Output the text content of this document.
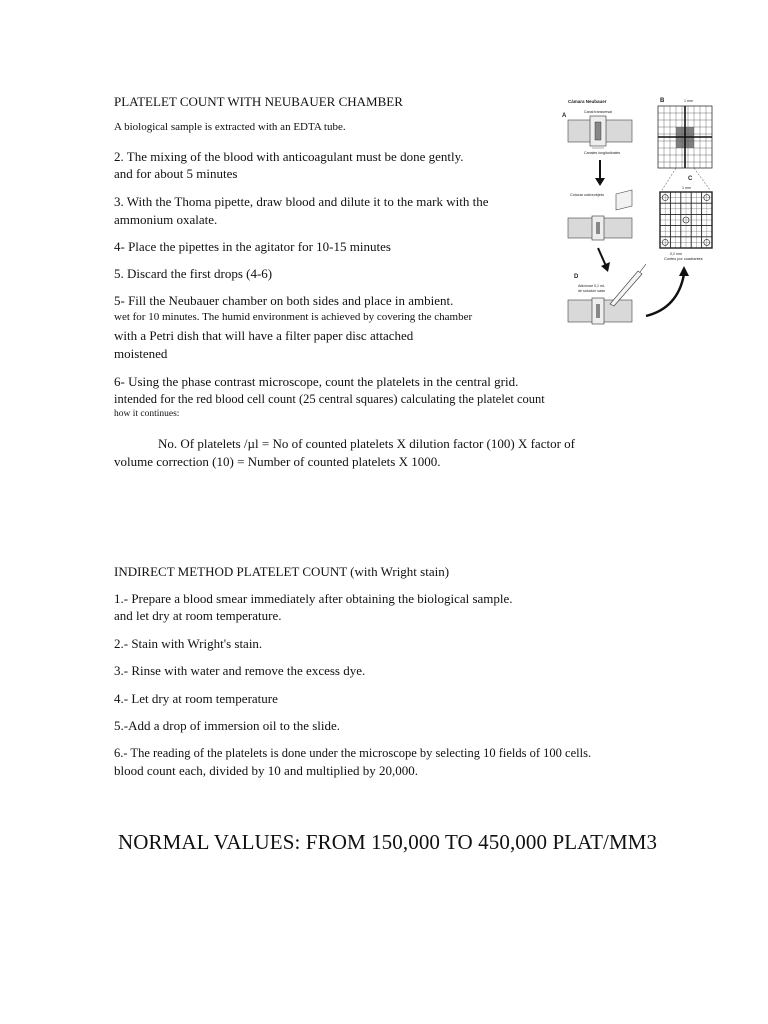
PLATELET COUNT WITH NEUBAUER CHAMBER
A biological sample is extracted with an EDTA tube.
2. The mixing of the blood with anticoagulant must be done gently.
and for about 5 minutes
3. With the Thoma pipette, draw blood and dilute it to the mark with the
ammonium oxalate.
4- Place the pipettes in the agitator for 10-15 minutes
5. Discard the first drops (4-6)
5- Fill the Neubauer chamber on both sides and place in ambient.
wet for 10 minutes. The humid environment is achieved by covering the chamber
with a Petri dish that will have a filter paper disc attached
moistened
6- Using the phase contrast microscope, count the platelets in the central grid.
intended for the red blood cell count (25 central squares) calculating the platelet count
how it continues:
No. Of platelets /µl = No of counted platelets X dilution factor (100) X factor of
volume correction (10) = Number of counted platelets X 1000.
Cámara Neubauer
A
Canal transversal
Canales longitudinales
Colocar cubreobjeto
D
Adicionar 0,1 mL
de solución salar
Conteo por cuadrantes
B	1 mm
C
1 mm
0,2 mm
INDIRECT METHOD PLATELET COUNT (with Wright stain)
1.- Prepare a blood smear immediately after obtaining the biological sample.
and let dry at room temperature.
2.- Stain with Wright's stain.
3.- Rinse with water and remove the excess dye.
4.- Let dry at room temperature
5.-Add a drop of immersion oil to the slide.
6.- The reading of the platelets is done under the microscope by selecting 10 fields of 100 cells.
blood count each, divided by 10 and multiplied by 20,000.
NORMAL VALUES: FROM 150,000 TO 450,000 PLAT/MM3
